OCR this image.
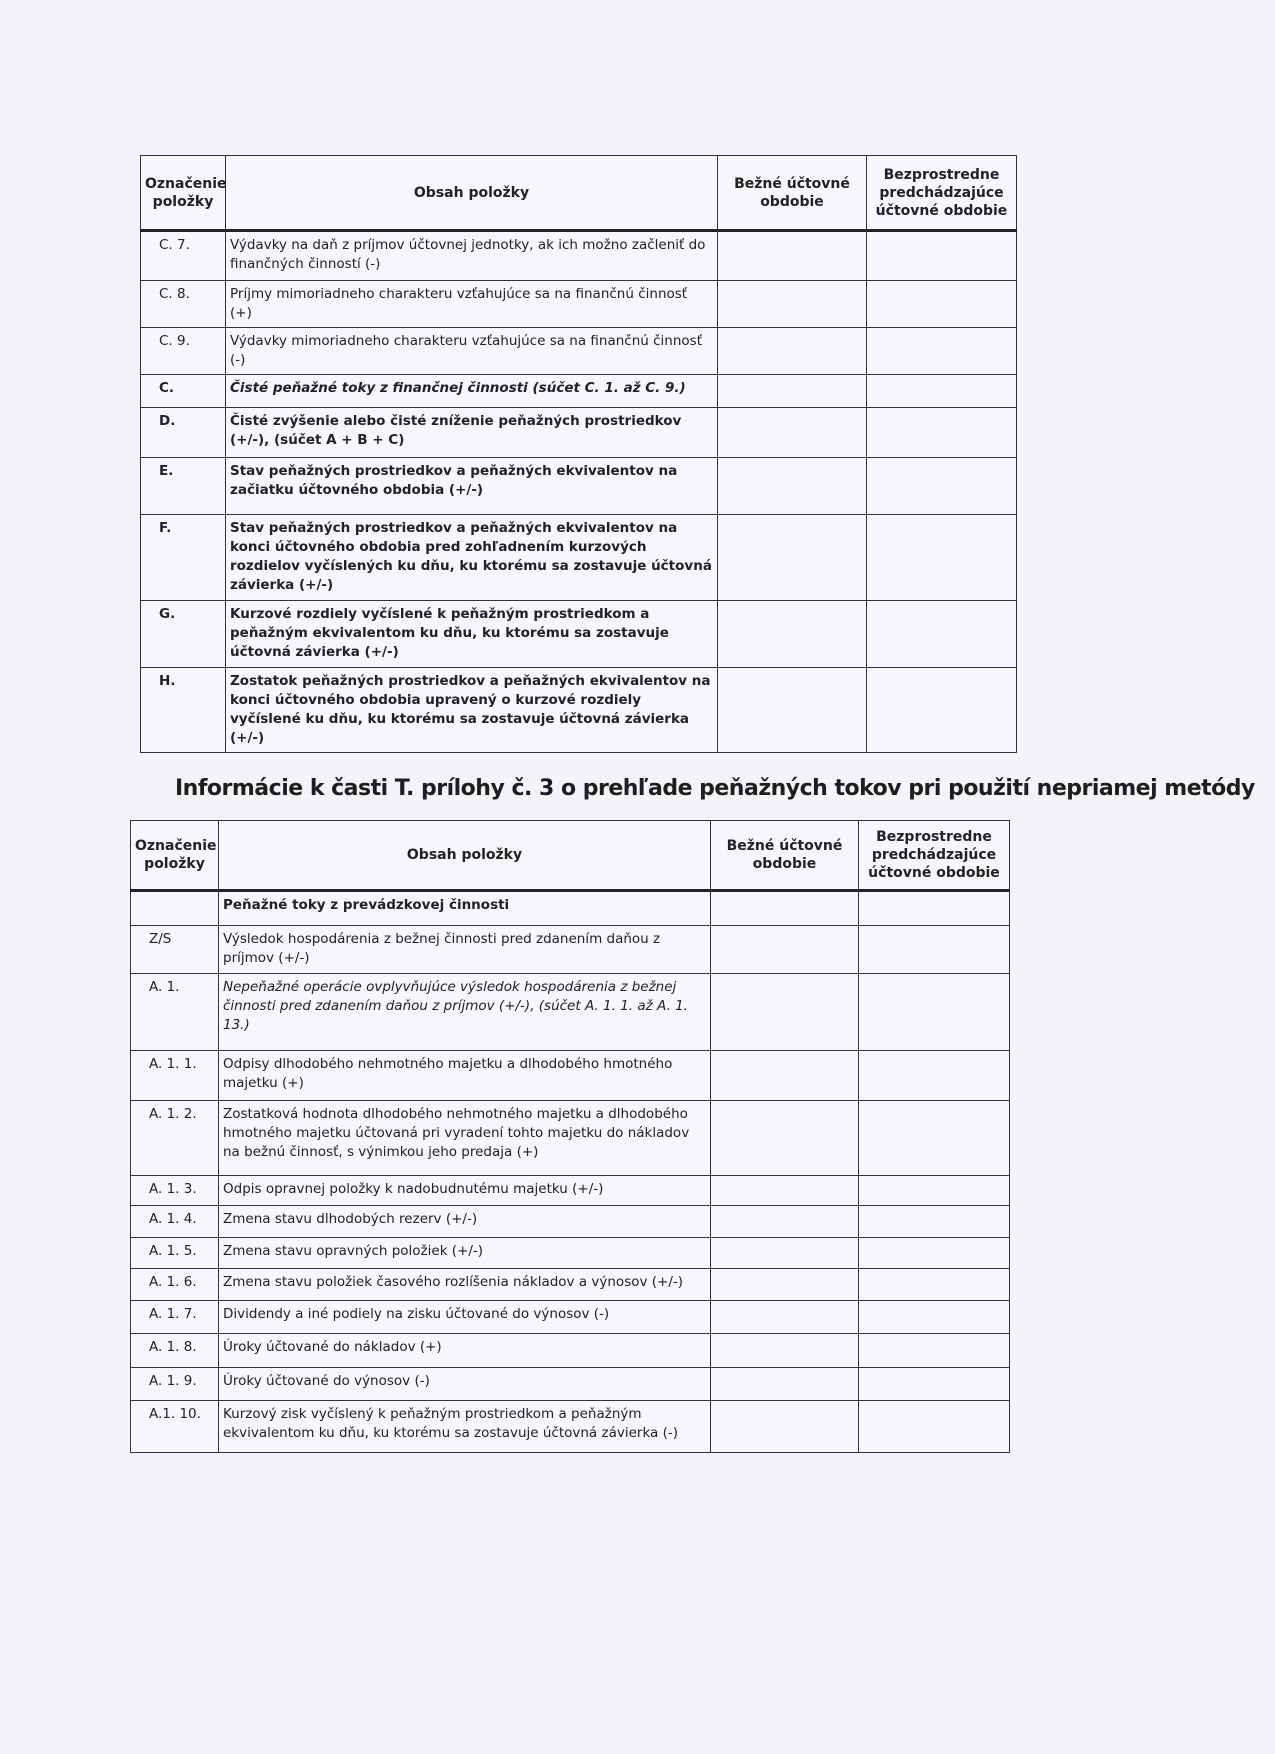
Označenie položky	Obsah položky	Bežné účtovné obdobie	Bezprostredne predchádzajúce účtovné obdobie
C. 7.	Výdavky na daň z príjmov účtovnej jednotky, ak ich možno začleniť do finančných činností (-)		
C. 8.	Príjmy mimoriadneho charakteru vzťahujúce sa na finančnú činnosť (+)		
C. 9.	Výdavky mimoriadneho charakteru vzťahujúce sa na finančnú činnosť (-)		
C.	Čisté peňažné toky z finančnej činnosti (súčet C. 1. až C. 9.)		
D.	Čisté zvýšenie alebo čisté zníženie peňažných prostriedkov (+/-), (súčet A + B + C)		
E.	Stav peňažných prostriedkov a peňažných ekvivalentov na začiatku účtovného obdobia (+/-)		
F.	Stav peňažných prostriedkov a peňažných ekvivalentov na konci účtovného obdobia pred zohľadnením kurzových rozdielov vyčíslených ku dňu, ku ktorému sa zostavuje účtovná závierka (+/-)		
G.	Kurzové rozdiely vyčíslené k peňažným prostriedkom a peňažným ekvivalentom ku dňu, ku ktorému sa zostavuje účtovná závierka (+/-)		
H.	Zostatok peňažných prostriedkov a peňažných ekvivalentov na konci účtovného obdobia upravený o kurzové rozdiely vyčíslené ku dňu, ku ktorému sa zostavuje účtovná závierka (+/-)		
Informácie k časti T. prílohy č. 3 o prehľade peňažných tokov pri použití nepriamej metódy
Označenie položky	Obsah položky	Bežné účtovné obdobie	Bezprostredne predchádzajúce účtovné obdobie
	Peňažné toky z prevádzkovej činnosti		
Z/S	Výsledok hospodárenia z bežnej činnosti pred zdanením daňou z príjmov (+/-)		
A. 1.	Nepeňažné operácie ovplyvňujúce výsledok hospodárenia z bežnej činnosti pred zdanením daňou z príjmov (+/-), (súčet A. 1. 1. až A. 1. 13.)		
A. 1. 1.	Odpisy dlhodobého nehmotného majetku a dlhodobého hmotného majetku (+)		
A. 1. 2.	Zostatková hodnota dlhodobého nehmotného majetku a dlhodobého hmotného majetku účtovaná pri vyradení tohto majetku do nákladov na bežnú činnosť, s výnimkou jeho predaja (+)		
A. 1. 3.	Odpis opravnej položky k nadobudnutému majetku (+/-)		
A. 1. 4.	Zmena stavu dlhodobých rezerv (+/-)		
A. 1. 5.	Zmena stavu opravných položiek (+/-)		
A. 1. 6.	Zmena stavu položiek časového rozlíšenia nákladov a výnosov (+/-)		
A. 1. 7.	Dividendy a iné podiely na zisku účtované do výnosov (-)		
A. 1. 8.	Úroky účtované do nákladov (+)		
A. 1. 9.	Úroky účtované do výnosov (-)		
A.1. 10.	Kurzový zisk vyčíslený k peňažným prostriedkom a peňažným ekvivalentom ku dňu, ku ktorému sa zostavuje účtovná závierka (-)		
